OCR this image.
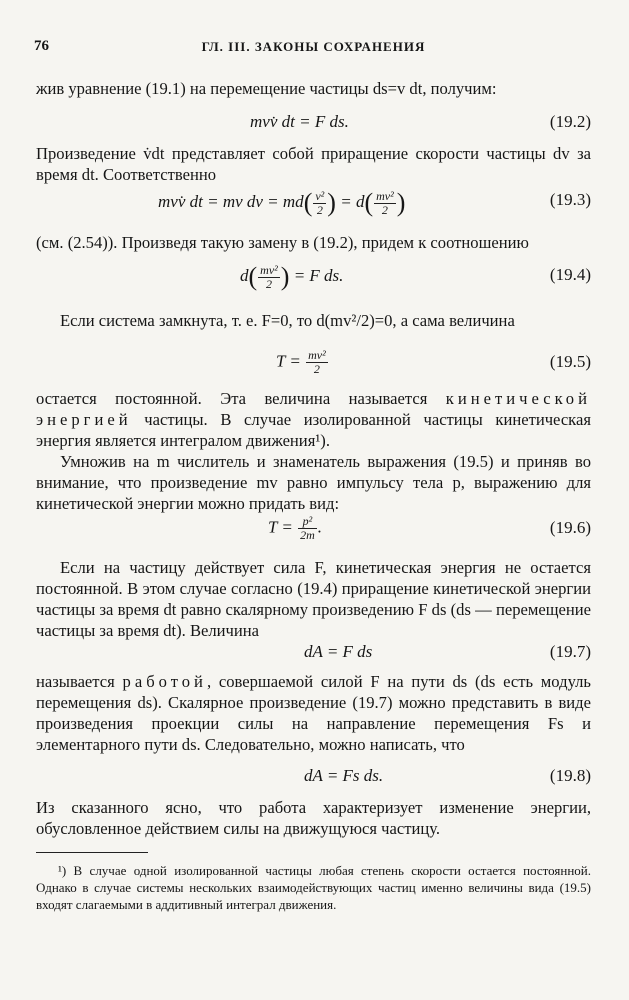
76	ГЛ. III. ЗАКОНЫ СОХРАНЕНИЯ
жив уравнение (19.1) на перемещение частицы ds=v dt, получим:
mvv̇ dt = F ds.	(19.2)
Произведение v̇dt представляет собой приращение скорости частицы dv за время dt. Соответственно
mvv̇ dt = mv dv = $md( \frac{\text{v²}}{2}$ ) = $d( \frac{\text{mv²}}{2}$ )	(19.3)
(см. (2.54)). Произведя такую замену в (19.2), придем к соотношению
$d( \frac{\text{mv²}}{2}$ ) = F ds.	(19.4)
Если система замкнута, т. е. F=0, то d(mv²/2)=0, а сама величина
$T = \frac{\text{mv²}}{2}$	(19.5)
остается постоянной. Эта величина называется кинетической энергией частицы. В случае изолированной частицы кинетическая энергия является интегралом движения¹).
Умножив на m числитель и знаменатель выражения (19.5) и приняв во внимание, что произведение mv равно импульсу тела p, выражению для кинетической энергии можно придать вид:
$T = \frac{\text{p²}}{2m}$ .	(19.6)
Если на частицу действует сила F, кинетическая энергия не остается постоянной. В этом случае согласно (19.4) приращение кинетической энергии частицы за время dt равно скалярному произведению F ds (ds — перемещение частицы за время dt). Величина
dA = F ds	(19.7)
называется работой, совершаемой силой F на пути ds (ds есть модуль перемещения ds). Скалярное произведение (19.7) можно представить в виде произведения проекции силы на направление перемещения Fs и элементарного пути ds. Следовательно, можно написать, что
dA = Fs ds.	(19.8)
Из сказанного ясно, что работа характеризует изменение энергии, обусловленное действием силы на движущуюся частицу.
¹) В случае одной изолированной частицы любая степень скорости остается постоянной. Однако в случае системы нескольких взаимодействующих частиц именно величины вида (19.5) входят слагаемыми в аддитивный интеграл движения.
